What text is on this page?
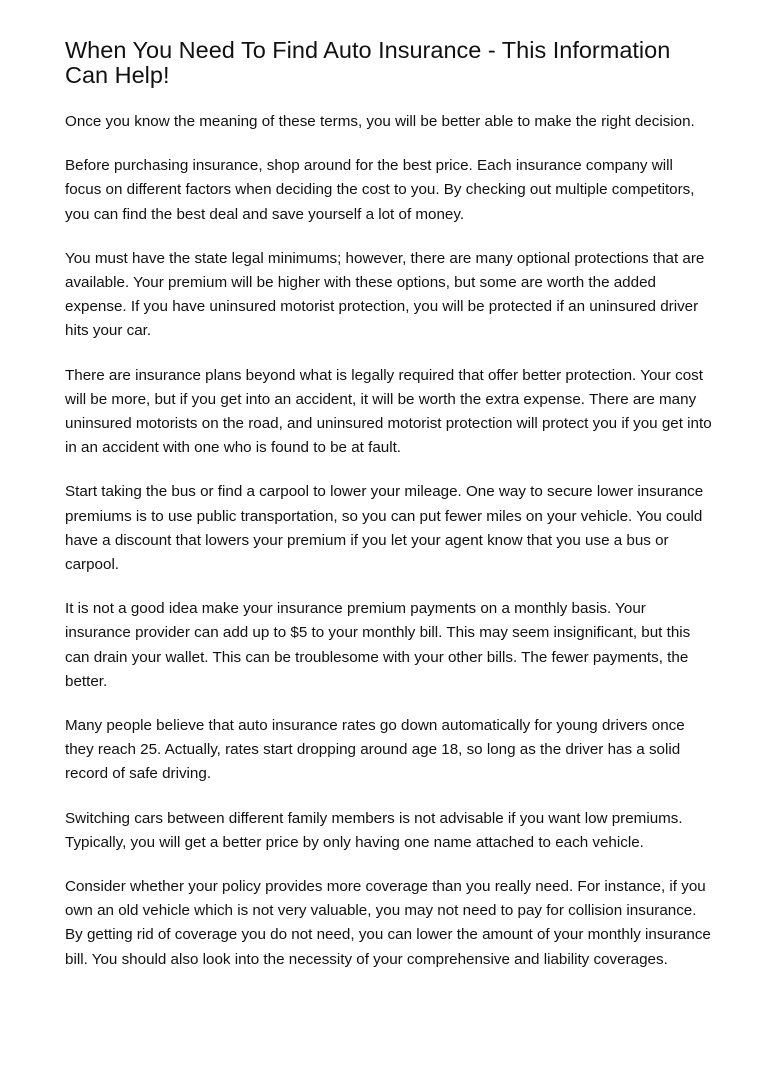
When You Need To Find Auto Insurance - This Information Can Help!

Once you know the meaning of these terms, you will be better able to make the right decision.

Before purchasing insurance, shop around for the best price. Each insurance company will focus on different factors when deciding the cost to you. By checking out multiple competitors, you can find the best deal and save yourself a lot of money.

You must have the state legal minimums; however, there are many optional protections that are available. Your premium will be higher with these options, but some are worth the added expense. If you have uninsured motorist protection, you will be protected if an uninsured driver hits your car.

There are insurance plans beyond what is legally required that offer better protection. Your cost will be more, but if you get into an accident, it will be worth the extra expense. There are many uninsured motorists on the road, and uninsured motorist protection will protect you if you get into in an accident with one who is found to be at fault.

Start taking the bus or find a carpool to lower your mileage. One way to secure lower insurance premiums is to use public transportation, so you can put fewer miles on your vehicle. You could have a discount that lowers your premium if you let your agent know that you use a bus or carpool.

It is not a good idea make your insurance premium payments on a monthly basis. Your insurance provider can add up to $5 to your monthly bill. This may seem insignificant, but this can drain your wallet. This can be troublesome with your other bills. The fewer payments, the better.

Many people believe that auto insurance rates go down automatically for young drivers once they reach 25. Actually, rates start dropping around age 18, so long as the driver has a solid record of safe driving.

Switching cars between different family members is not advisable if you want low premiums. Typically, you will get a better price by only having one name attached to each vehicle.

Consider whether your policy provides more coverage than you really need. For instance, if you own an old vehicle which is not very valuable, you may not need to pay for collision insurance. By getting rid of coverage you do not need, you can lower the amount of your monthly insurance bill. You should also look into the necessity of your comprehensive and liability coverages.
